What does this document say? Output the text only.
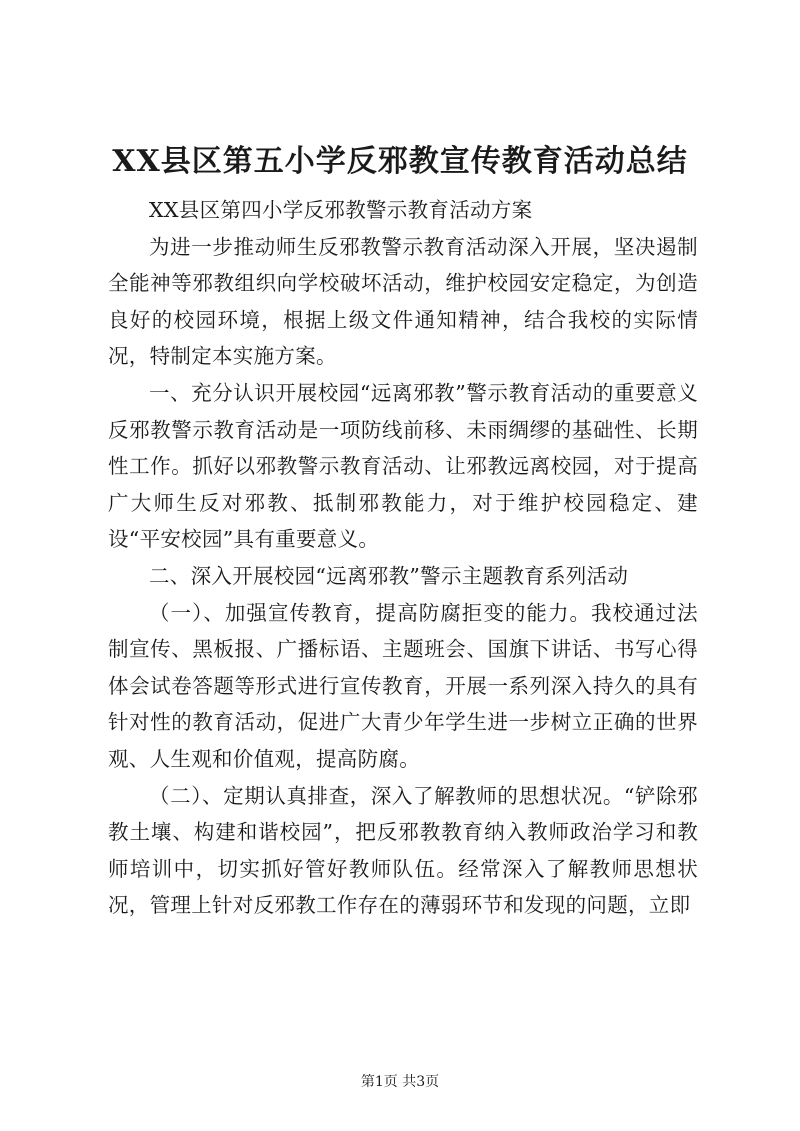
XX县区第五小学反邪教宣传教育活动总结

XX县区第四小学反邪教警示教育活动方案

为进一步推动师生反邪教警示教育活动深入开展，坚决遏制全能神等邪教组织向学校破坏活动，维护校园安定稳定，为创造良好的校园环境，根据上级文件通知精神，结合我校的实际情况，特制定本实施方案。

一、充分认识开展校园“远离邪教”警示教育活动的重要意义反邪教警示教育活动是一项防线前移、未雨绸缪的基础性、长期性工作。抓好以邪教警示教育活动、让邪教远离校园，对于提高广大师生反对邪教、抵制邪教能力，对于维护校园稳定、建设“平安校园”具有重要意义。

二、深入开展校园“远离邪教”警示主题教育系列活动

（一）、加强宣传教育，提高防腐拒变的能力。我校通过法制宣传、黑板报、广播标语、主题班会、国旗下讲话、书写心得体会试卷答题等形式进行宣传教育，开展一系列深入持久的具有针对性的教育活动，促进广大青少年学生进一步树立正确的世界观、人生观和价值观，提高防腐。

（二）、定期认真排查，深入了解教师的思想状况。“铲除邪教土壤、构建和谐校园”，把反邪教教育纳入教师政治学习和教师培训中，切实抓好管好教师队伍。经常深入了解教师思想状况，管理上针对反邪教工作存在的薄弱环节和发现的问题，立即

第1页 共3页
